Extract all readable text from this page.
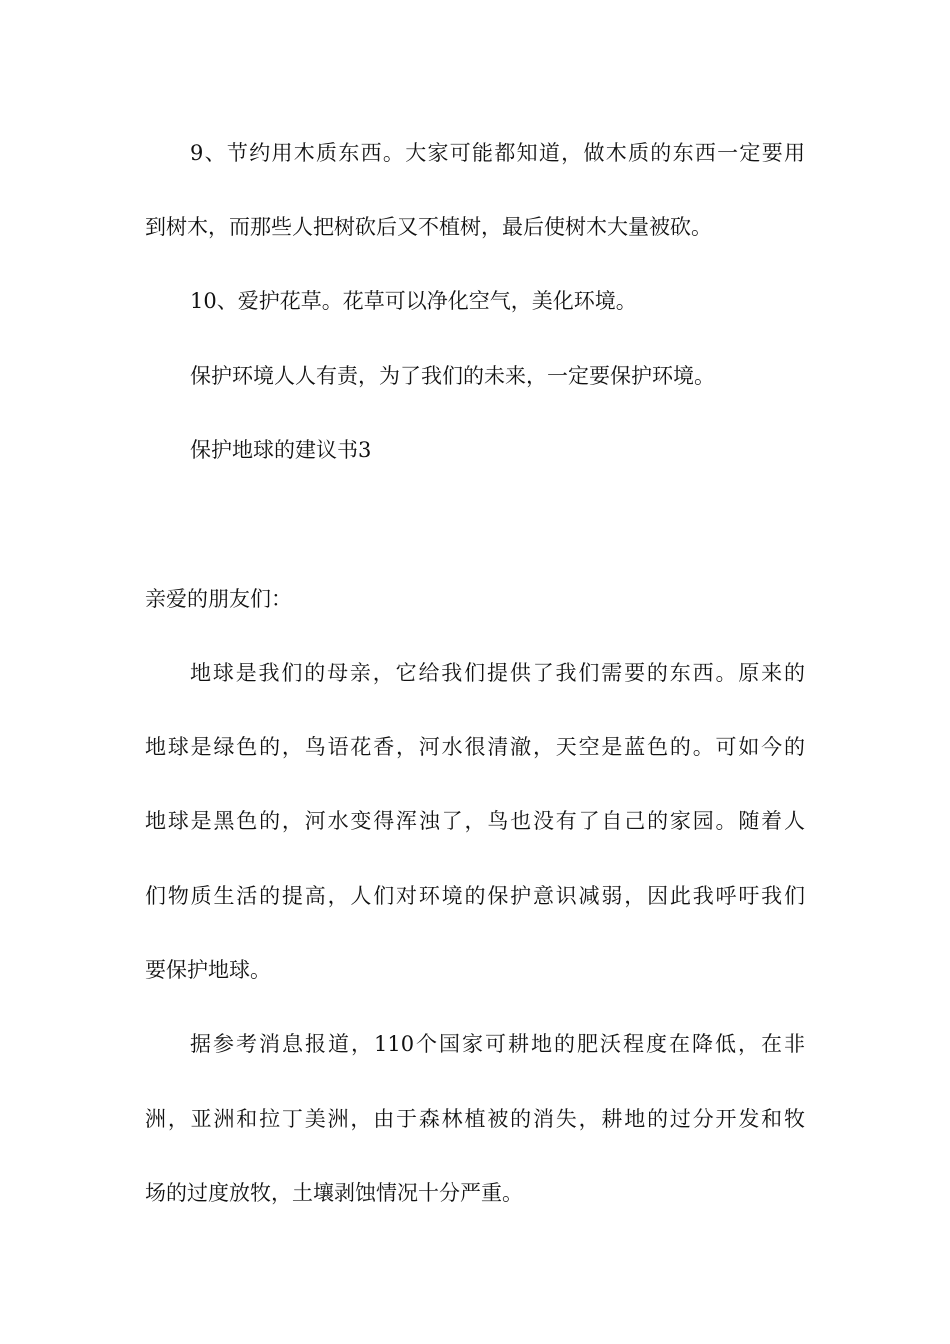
9、节约用木质东西。大家可能都知道，做木质的东西一定要用
到树木，而那些人把树砍后又不植树，最后使树木大量被砍。
10、爱护花草。花草可以净化空气，美化环境。
保护环境人人有责，为了我们的未来，一定要保护环境。
保护地球的建议书3
亲爱的朋友们：
地球是我们的母亲，它给我们提供了我们需要的东西。原来的
地球是绿色的，鸟语花香，河水很清澈，天空是蓝色的。可如今的
地球是黑色的，河水变得浑浊了，鸟也没有了自己的家园。随着人
们物质生活的提高，人们对环境的保护意识减弱，因此我呼吁我们
要保护地球。
据参考消息报道，110个国家可耕地的肥沃程度在降低，在非
洲，亚洲和拉丁美洲，由于森林植被的消失，耕地的过分开发和牧
场的过度放牧，土壤剥蚀情况十分严重。
